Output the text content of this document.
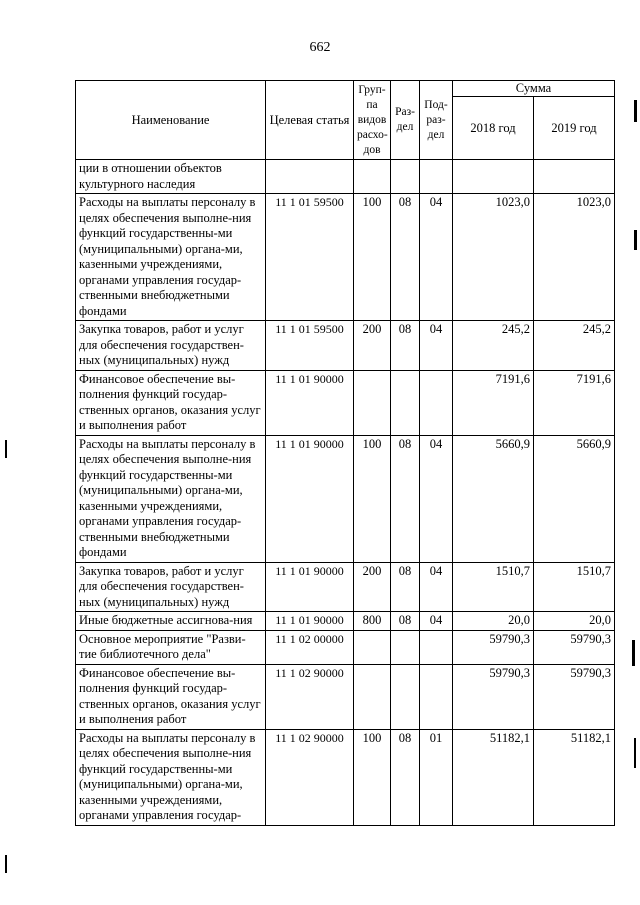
662
Наименование	Целевая статья	Груп-па видов расхо-дов	Раз-дел	Под-раз-дел	Сумма	
					2018 год	2019 год
ции в отношении объектов культурного наследия						
Расходы на выплаты персоналу в целях обеспечения выполне-ния функций государственны-ми (муниципальными) органа-ми, казенными учреждениями, органами управления государ-ственными внебюджетными фондами	11 1 01 59500	100	08	04	1023,0	1023,0
Закупка товаров, работ и услуг для обеспечения государствен-ных (муниципальных) нужд	11 1 01 59500	200	08	04	245,2	245,2
Финансовое обеспечение вы-полнения функций государ-ственных органов, оказания услуг и выполнения работ	11 1 01 90000				7191,6	7191,6
Расходы на выплаты персоналу в целях обеспечения выполне-ния функций государственны-ми (муниципальными) органа-ми, казенными учреждениями, органами управления государ-ственными внебюджетными фондами	11 1 01 90000	100	08	04	5660,9	5660,9
Закупка товаров, работ и услуг для обеспечения государствен-ных (муниципальных) нужд	11 1 01 90000	200	08	04	1510,7	1510,7
Иные бюджетные ассигнова-ния	11 1 01 90000	800	08	04	20,0	20,0
Основное мероприятие "Разви-тие библиотечного дела"	11 1 02 00000				59790,3	59790,3
Финансовое обеспечение вы-полнения функций государ-ственных органов, оказания услуг и выполнения работ	11 1 02 90000				59790,3	59790,3
Расходы на выплаты персоналу в целях обеспечения выполне-ния функций государственны-ми (муниципальными) органа-ми, казенными учреждениями, органами управления государ-	11 1 02 90000	100	08	01	51182,1	51182,1
